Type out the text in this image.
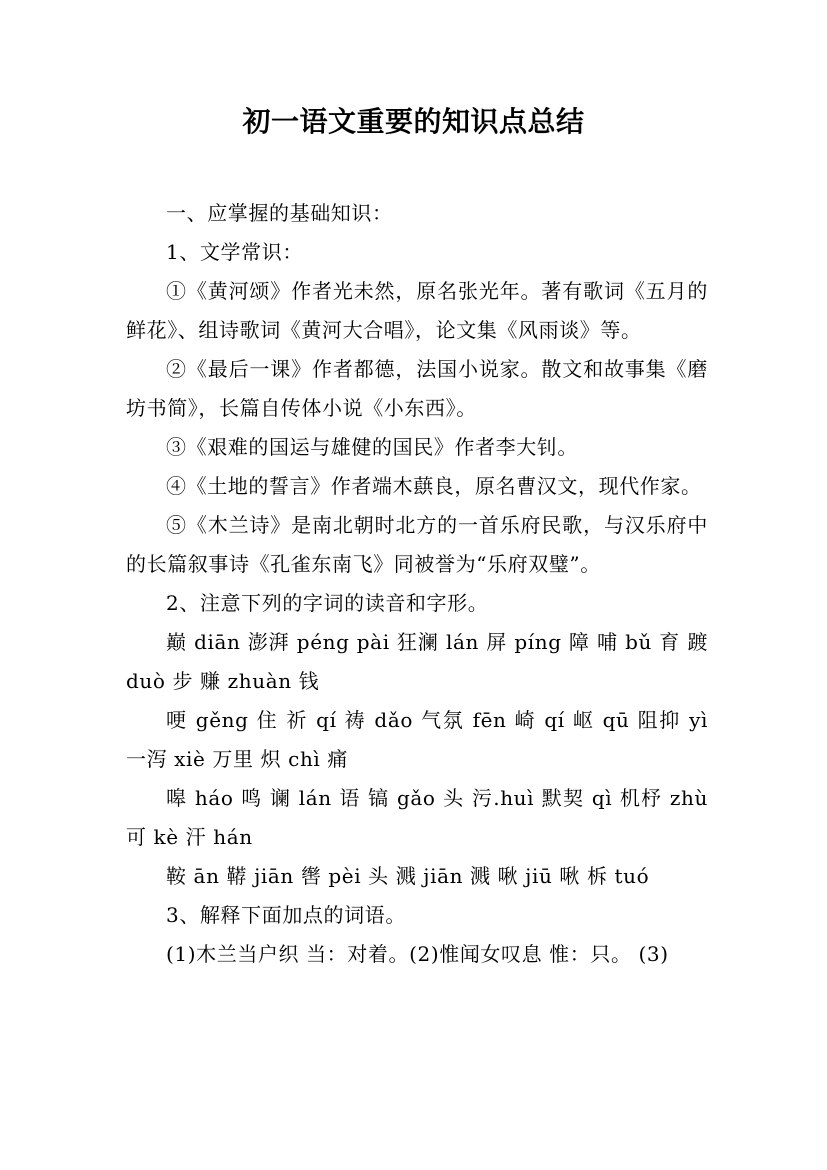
初一语文重要的知识点总结

一、应掌握的基础知识：

1、文学常识：

①《黄河颂》作者光未然，原名张光年。著有歌词《五月的鲜花》、组诗歌词《黄河大合唱》，论文集《风雨谈》等。

②《最后一课》作者都德，法国小说家。散文和故事集《磨坊书简》，长篇自传体小说《小东西》。

③《艰难的国运与雄健的国民》作者李大钊。

④《土地的誓言》作者端木蕻良，原名曹汉文，现代作家。

⑤《木兰诗》是南北朝时北方的一首乐府民歌，与汉乐府中的长篇叙事诗《孔雀东南飞》同被誉为“乐府双璧”。

2、注意下列的字词的读音和字形。

巅 diān 澎湃 péng pài 狂澜 lán 屏 píng 障 哺 bǔ 育 踱 duò 步 赚 zhuàn 钱

哽 gěng 住 祈 qí 祷 dǎo 气氛 fēn 崎 qí 岖 qū 阻抑 yì 一泻 xiè 万里 炽 chì 痛

嗥 háo 鸣 谰 lán 语 镐 gǎo 头 污.huì 默契 qì 机杼 zhù 可 kè 汗 hán

鞍 ān 鞯 jiān 辔 pèi 头 溅 jiān 溅 啾 jiū 啾 柝 tuó

3、解释下面加点的词语。

(1)木兰当户织 当：对着。(2)惟闻女叹息 惟：只。 (3)
